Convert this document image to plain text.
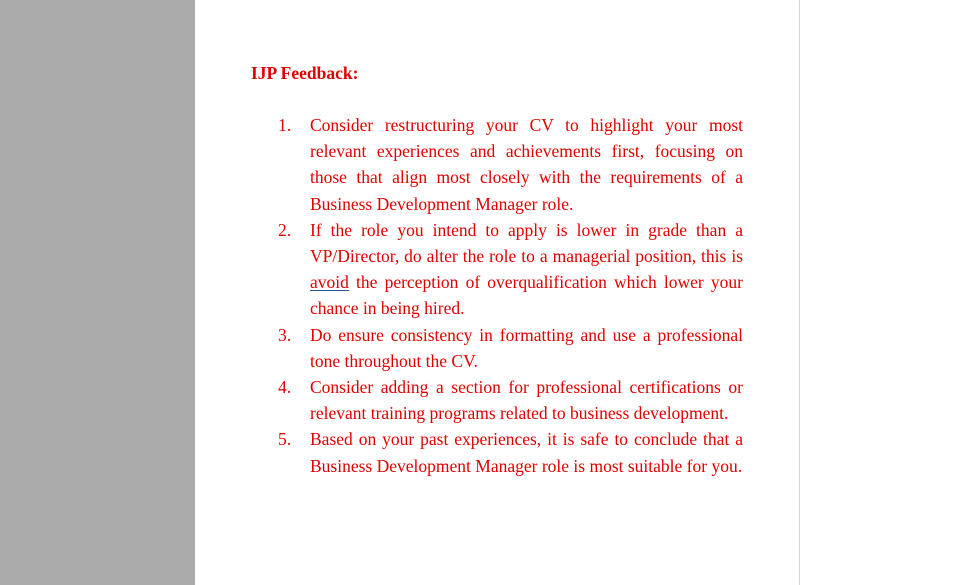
IJP Feedback:

1.	Consider restructuring your CV to highlight your most relevant experiences and achievements first, focusing on those that align most closely with the requirements of a Business Development Manager role.
2.	If the role you intend to apply is lower in grade than a VP/Director, do alter the role to a managerial position, this is avoid the perception of overqualification which lower your chance in being hired.
3.	Do ensure consistency in formatting and use a professional tone throughout the CV.
4.	Consider adding a section for professional certifications or relevant training programs related to business development.
5.	Based on your past experiences, it is safe to conclude that a Business Development Manager role is most suitable for you.
